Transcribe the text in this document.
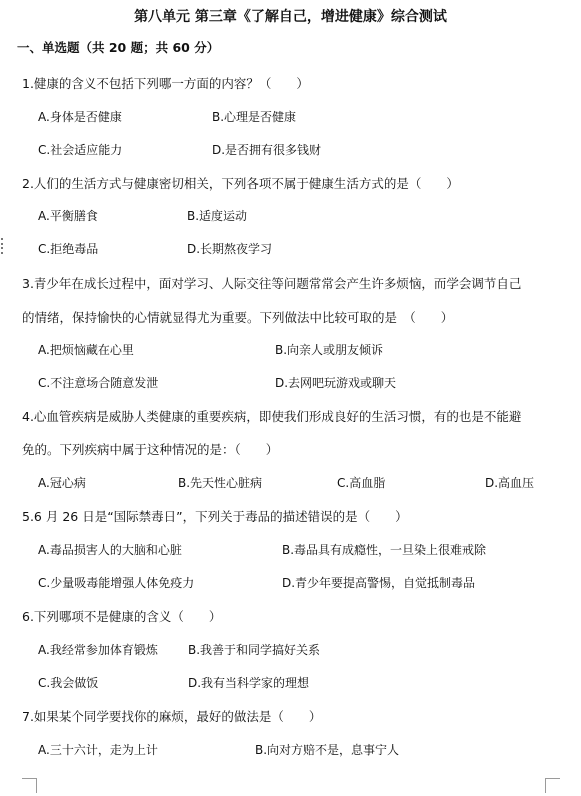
第八单元 第三章《了解自己，增进健康》综合测试
一、单选题（共 20 题；共 60 分）
1.健康的含义不包括下列哪一方面的内容？（　　）
A.身体是否健康	B.心理是否健康
C.社会适应能力	D.是否拥有很多钱财
2.人们的生活方式与健康密切相关，下列各项不属于健康生活方式的是（　　）
A.平衡膳食	B.适度运动
C.拒绝毒品	D.长期熬夜学习
3.青少年在成长过程中，面对学习、人际交往等问题常常会产生许多烦恼，而学会调节自己
的情绪，保持愉快的心情就显得尤为重要。下列做法中比较可取的是　（　　）
A.把烦恼藏在心里	B.向亲人或朋友倾诉
C.不注意场合随意发泄	D.去网吧玩游戏或聊天
4.心血管疾病是威胁人类健康的重要疾病，即使我们形成良好的生活习惯，有的也是不能避
免的。下列疾病中属于这种情况的是：（　　）
A.冠心病	B.先天性心脏病	C.高血脂	D.高血压
5.6 月 26 日是“国际禁毒日”，下列关于毒品的描述错误的是（　　）
A.毒品损害人的大脑和心脏	B.毒品具有成瘾性，一旦染上很难戒除
C.少量吸毒能增强人体免疫力	D.青少年要提高警惕，自觉抵制毒品
6.下列哪项不是健康的含义（　　）
A.我经常参加体育锻炼	B.我善于和同学搞好关系
C.我会做饭	D.我有当科学家的理想
7.如果某个同学要找你的麻烦，最好的做法是（　　）
A.三十六计，走为上计	B.向对方赔不是，息事宁人
